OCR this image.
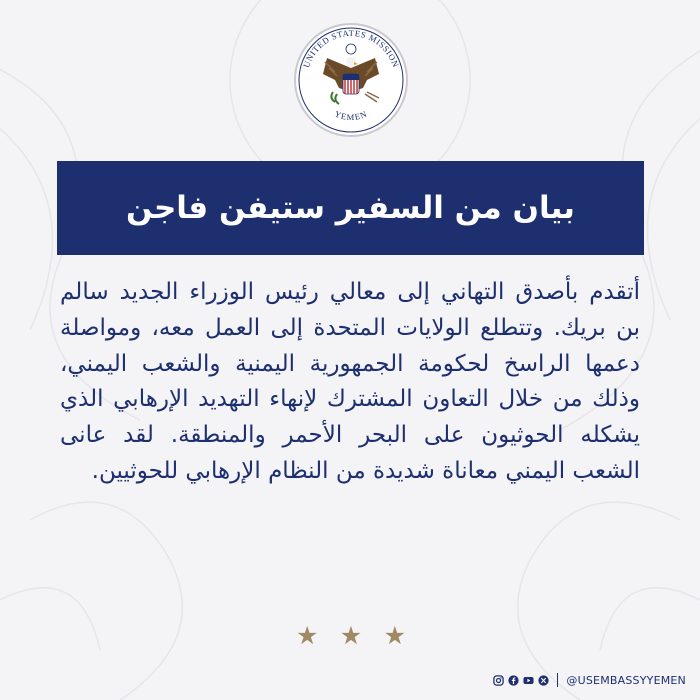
UNITED STATES MISSION
YEMEN
بيان من السفير ستيفن فاجن

أتقدم بأصدق التهاني إلى معالي رئيس الوزراء الجديد سالم بن بريك. وتتطلع الولايات المتحدة إلى العمل معه، ومواصلة دعمها الراسخ لحكومة الجمهورية اليمنية والشعب اليمني، وذلك من خلال التعاون المشترك لإنهاء التهديد الإرهابي الذي يشكله الحوثيون على البحر الأحمر والمنطقة. لقد عانى الشعب اليمني معاناة شديدة من النظام الإرهابي للحوثيين.

★ ★ ★
@USEMBASSYYEMEN
